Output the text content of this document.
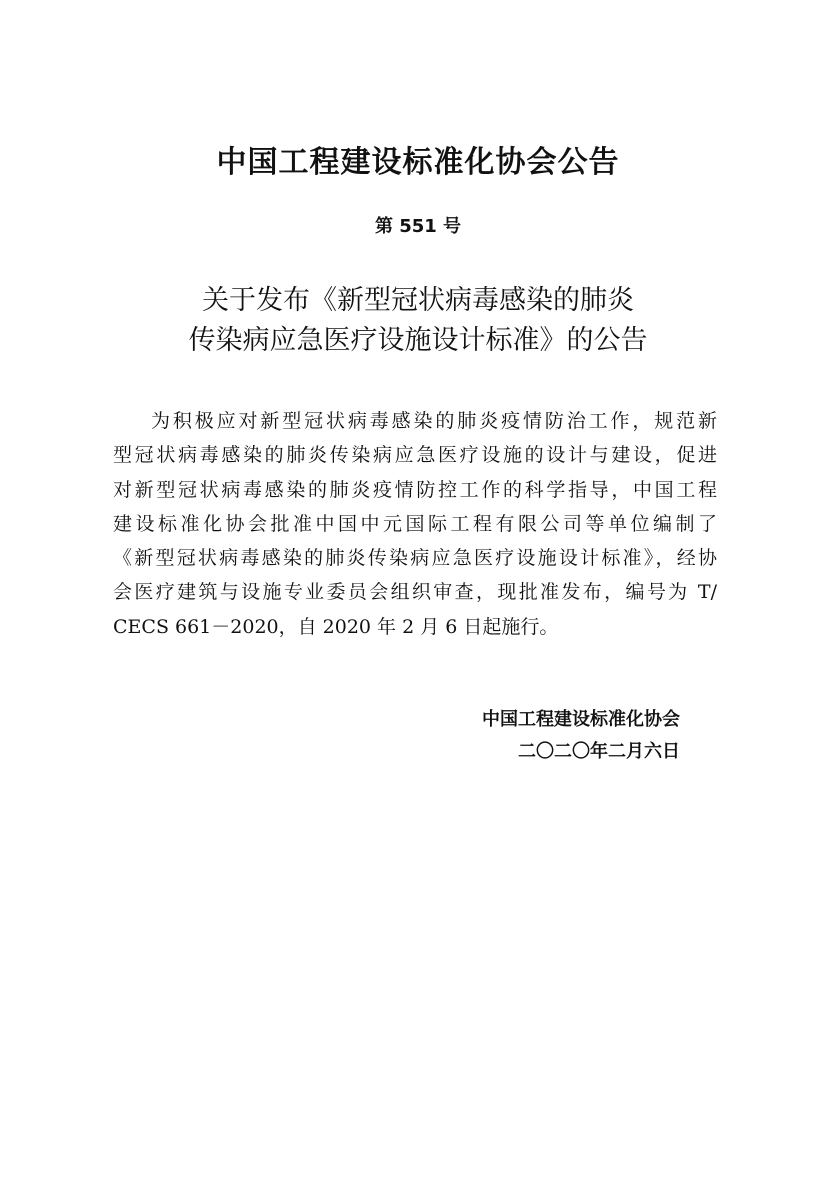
中国工程建设标准化协会公告
第 551 号
关于发布《新型冠状病毒感染的肺炎
传染病应急医疗设施设计标准》的公告
为积极应对新型冠状病毒感染的肺炎疫情防治工作，规范新
型冠状病毒感染的肺炎传染病应急医疗设施的设计与建设，促进
对新型冠状病毒感染的肺炎疫情防控工作的科学指导，中国工程
建设标准化协会批准中国中元国际工程有限公司等单位编制了
《新型冠状病毒感染的肺炎传染病应急医疗设施设计标准》，经协
会医疗建筑与设施专业委员会组织审查，现批准发布，编号为 T/
CECS 661－2020，自 2020 年 2 月 6 日起施行。
中国工程建设标准化协会
二〇二〇年二月六日
